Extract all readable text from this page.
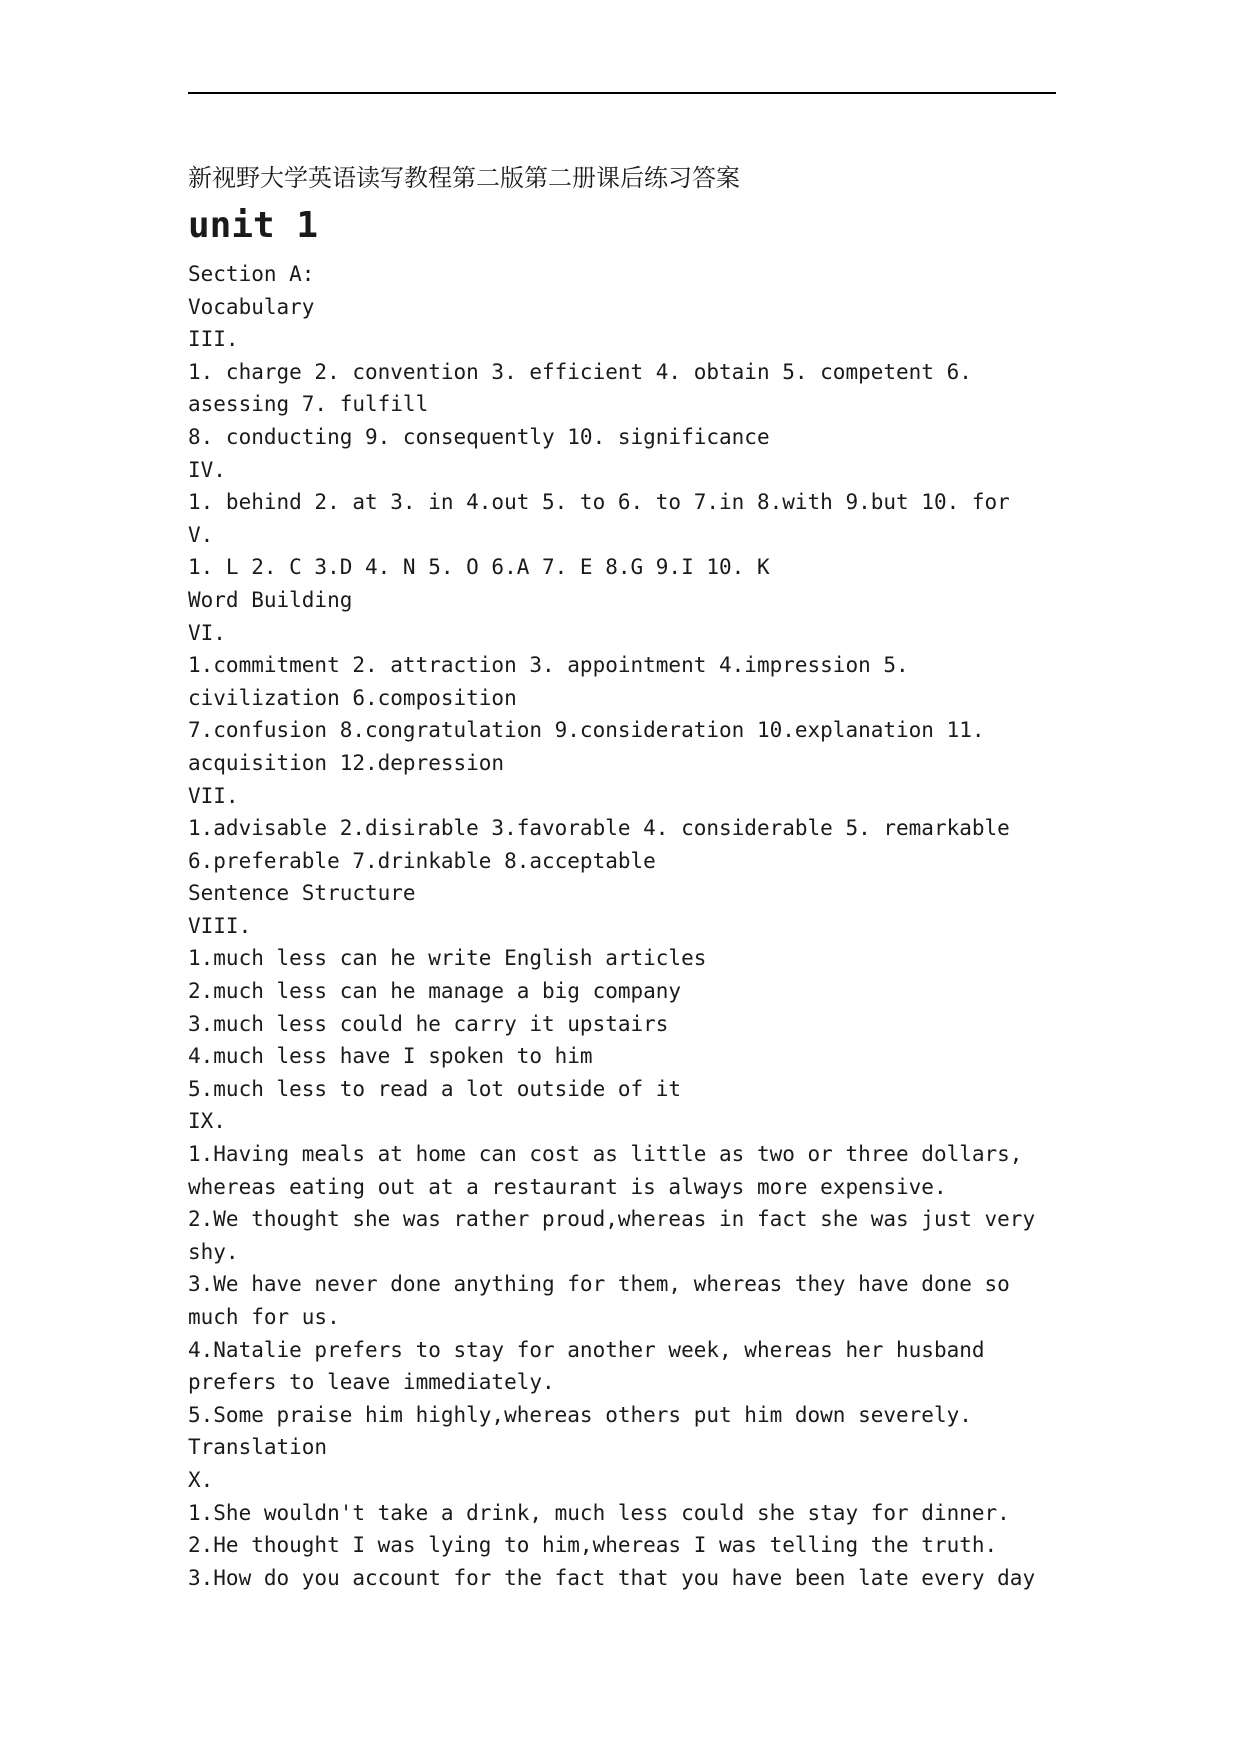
新视野大学英语读写教程第二版第二册课后练习答案
unit 1
Section A:
Vocabulary
III.
1. charge 2. convention 3. efficient 4. obtain 5. competent 6.
asessing 7. fulfill
8. conducting 9. consequently 10. significance
IV.
1. behind 2. at 3. in 4.out 5. to 6. to 7.in 8.with 9.but 10. for
V.
1. L 2. C 3.D 4. N 5. O 6.A 7. E 8.G 9.I 10. K
Word Building
VI.
1.commitment 2. attraction 3. appointment 4.impression 5.
civilization 6.composition
7.confusion 8.congratulation 9.consideration 10.explanation 11.
acquisition 12.depression
VII.
1.advisable 2.disirable 3.favorable 4. considerable 5. remarkable
6.preferable 7.drinkable 8.acceptable
Sentence Structure
VIII.
1.much less can he write English articles
2.much less can he manage a big company
3.much less could he carry it upstairs
4.much less have I spoken to him
5.much less to read a lot outside of it
IX.
1.Having meals at home can cost as little as two or three dollars,
whereas eating out at a restaurant is always more expensive.
2.We thought she was rather proud,whereas in fact she was just very
shy.
3.We have never done anything for them, whereas they have done so
much for us.
4.Natalie prefers to stay for another week, whereas her husband
prefers to leave immediately.
5.Some praise him highly,whereas others put him down severely.
Translation
X.
1.She wouldn't take a drink, much less could she stay for dinner.
2.He thought I was lying to him,whereas I was telling the truth.
3.How do you account for the fact that you have been late every day
